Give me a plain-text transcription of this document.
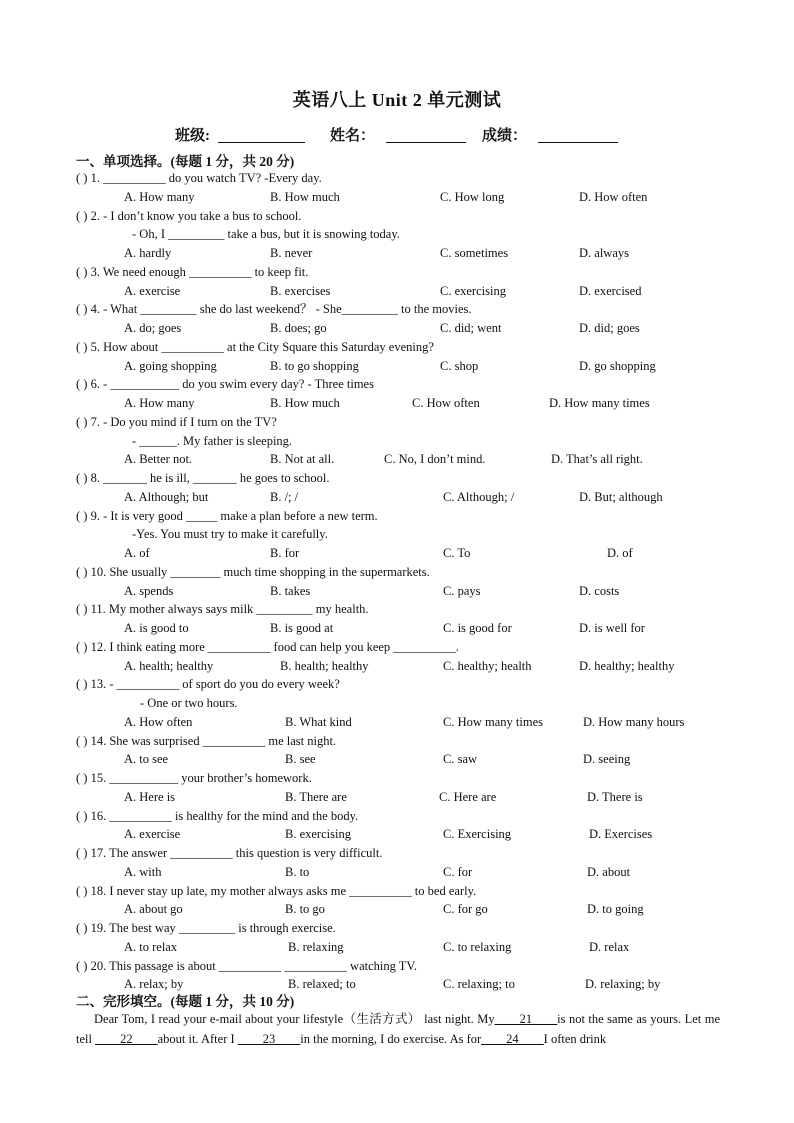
英语八上 Unit 2 单元测试
班级:	姓名：	成绩：
一、单项选择。(每题 1 分，共 20 分)
( ) 1. __________ do you watch TV? -Every day.
A. How many	B. How much	C. How long	D. How often
( ) 2. - I don’t know you take a bus to school.
- Oh, I _________ take a bus, but it is snowing today.
A. hardly	B. never	C. sometimes	D. always
( ) 3. We need enough __________ to keep fit.
A. exercise	B. exercises	C. exercising	D. exercised
( ) 4. - What _________ she do last weekend？ - She_________ to the movies.
A. do; goes	B. does; go	C. did; went	D. did; goes
( ) 5. How about __________ at the City Square this Saturday evening?
A. going shopping	B. to go shopping	C. shop	D. go shopping
( ) 6. - ___________ do you swim every day? - Three times
A. How many	B. How much	C. How often	D. How many times
( ) 7. - Do you mind if I turn on the TV?
- ______. My father is sleeping.
A. Better not.	B. Not at all.	C. No, I don’t mind.	D. That’s all right.
( ) 8. _______ he is ill, _______ he goes to school.
A. Although; but	B. /; /	C. Although; /	D. But; although
( ) 9. - It is very good _____ make a plan before a new term.
-Yes. You must try to make it carefully.
A. of	B. for	C. To	D. of
( ) 10. She usually ________ much time shopping in the supermarkets.
A. spends	B. takes	C. pays	D. costs
( ) 11. My mother always says milk _________ my health.
A. is good to	B. is good at	C. is good for	D. is well for
( ) 12. I think eating more __________ food can help you keep __________.
A. health; healthy	B. health; healthy	C. healthy; health	D. healthy; healthy
( ) 13. - __________ of sport do you do every week?
- One or two hours.
A. How often	B. What kind	C. How many times	D. How many hours
( ) 14. She was surprised __________ me last night.
A. to see	B. see	C. saw	D. seeing
( ) 15. ___________ your brother’s homework.
A. Here is	B. There are	C. Here are	D. There is
( ) 16. __________ is healthy for the mind and the body.
A. exercise	B. exercising	C. Exercising	D. Exercises
( ) 17. The answer __________ this question is very difficult.
A. with	B. to	C. for	D. about
( ) 18. I never stay up late, my mother always asks me __________ to bed early.
A. about go	B. to go	C. for go	D. to going
( ) 19. The best way _________ is through exercise.
A. to relax	B. relaxing	C. to relaxing	D. relax
( ) 20. This passage is about __________ __________ watching TV.
A. relax; by	B. relaxed; to	C. relaxing; to	D. relaxing; by
二、完形填空。(每题 1 分，共 10 分)
Dear Tom, I read your e-mail about your lifestyle（生活方式） last night. My____21____is not the same as yours. Let me tell ____22____about it. After I ____23____in the morning, I do exercise. As for____24____I often drink
